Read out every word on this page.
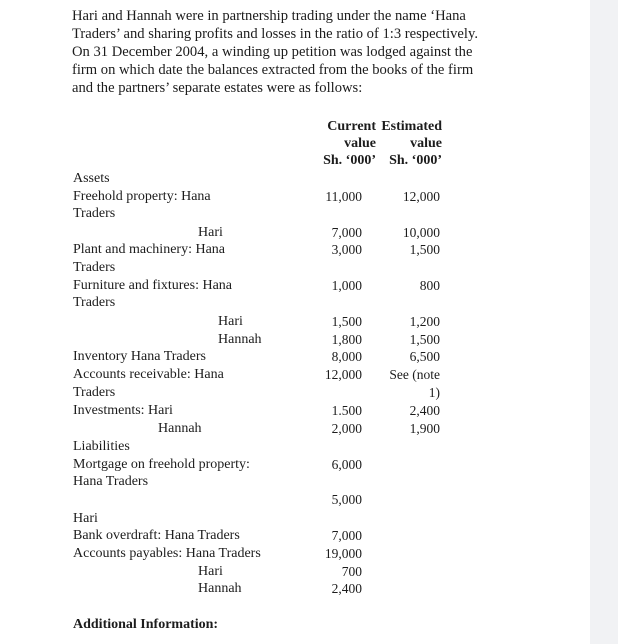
Hari and Hannah were in partnership trading under the name ‘Hana
Traders’ and sharing profits and losses in the ratio of 1:3 respectively.
On 31 December 2004, a winding up petition was lodged against the
firm on which date the balances extracted from the books of the firm
and the partners’ separate estates were as follows:
Current
value
Sh. ‘000’
Estimated
value
Sh. ‘000’
Assets
Freehold property: Hana
Traders
Hari
Plant and machinery: Hana
Traders
Furniture and fixtures: Hana
Traders
Hari
Hannah
Inventory Hana Traders
Accounts receivable: Hana
Traders
Investments: Hari
Hannah
Liabilities
Mortgage on freehold property:
Hana Traders
Hari
Bank overdraft: Hana Traders
Accounts payables: Hana Traders
Hari
Hannah
Additional Information:
11,000
7,000
3,000
1,000
1,500
1,800
8,000
12,000
1.500
2,000
6,000
5,000
7,000
19,000
700
2,400
12,000
10,000
1,500
800
1,200
1,500
6,500
See (note
1)
2,400
1,900
